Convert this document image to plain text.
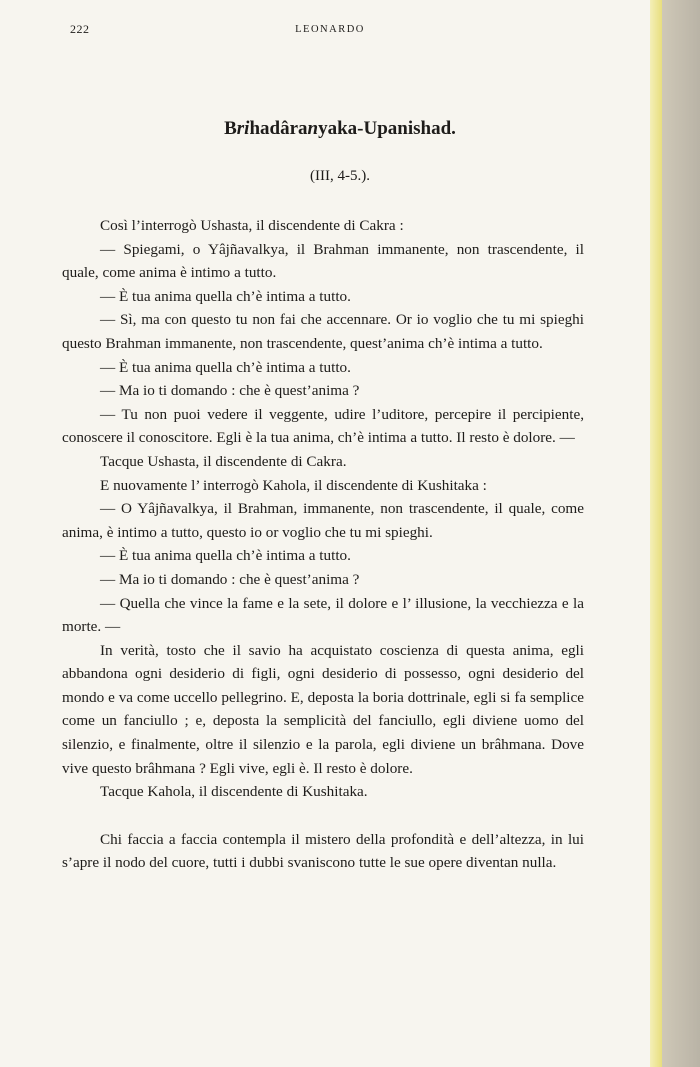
222	LEONARDO
Brihadâranyaka-Upanishad.
(III, 4-5.).

Così l’interrogò Ushasta, il discendente di Cakra :

— Spiegami, o Yâjñavalkya, il Brahman immanente, non trascendente, il quale, come anima è intimo a tutto.

— È tua anima quella ch’è intima a tutto.

— Sì, ma con questo tu non fai che accennare. Or io voglio che tu mi spieghi questo Brahman immanente, non trascendente, quest’anima ch’è intima a tutto.

— È tua anima quella ch’è intima a tutto.

— Ma io ti domando : che è quest’anima ?

— Tu non puoi vedere il veggente, udire l’uditore, percepire il percipiente, conoscere il conoscitore. Egli è la tua anima, ch’è intima a tutto. Il resto è dolore. —

Tacque Ushasta, il discendente di Cakra.

E nuovamente l’ interrogò Kahola, il discendente di Kushitaka :

— O Yâjñavalkya, il Brahman, immanente, non trascendente, il quale, come anima, è intimo a tutto, questo io or voglio che tu mi spieghi.

— È tua anima quella ch’è intima a tutto.

— Ma io ti domando : che è quest’anima ?

— Quella che vince la fame e la sete, il dolore e l’ illusione, la vecchiezza e la morte. —

In verità, tosto che il savio ha acquistato coscienza di questa anima, egli abbandona ogni desiderio di figli, ogni desiderio di possesso, ogni desiderio del mondo e va come uccello pellegrino. E, deposta la boria dottrinale, egli si fa semplice come un fanciullo ; e, deposta la semplicità del fanciullo, egli diviene uomo del silenzio, e finalmente, oltre il silenzio e la parola, egli diviene un brâhmana. Dove vive questo brâhmana ? Egli vive, egli è. Il resto è dolore.

Tacque Kahola, il discendente di Kushitaka.

Chi faccia a faccia contempla il mistero della profondità e dell’altezza, in lui s’apre il nodo del cuore, tutti i dubbi svaniscono tutte le sue opere diventan nulla.
